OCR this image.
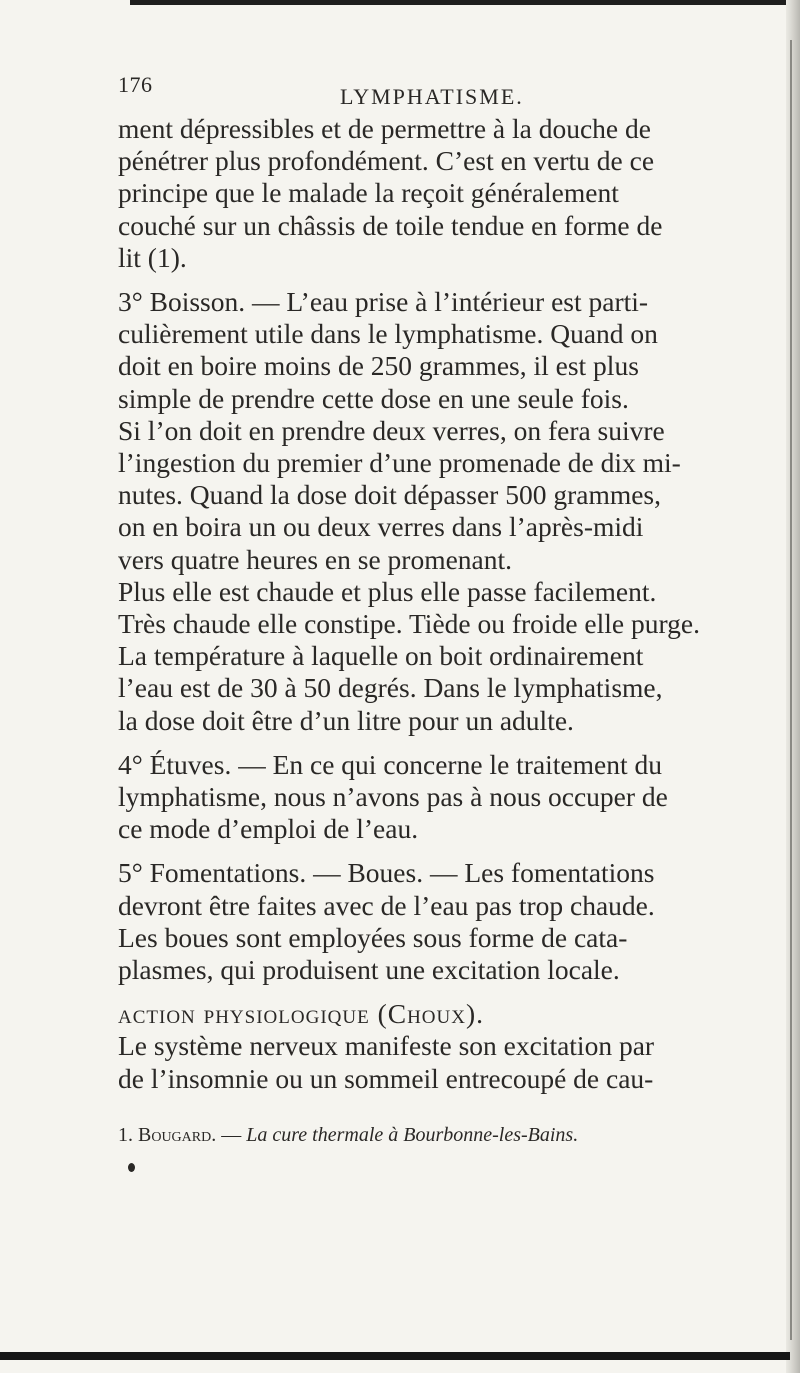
176	LYMPHATISME.
ment dépressibles et de permettre à la douche de
pénétrer plus profondément. C’est en vertu de ce
principe que le malade la reçoit généralement
couché sur un châssis de toile tendue en forme de
lit (1).
3° Boisson. — L’eau prise à l’intérieur est parti-
culièrement utile dans le lymphatisme. Quand on
doit en boire moins de 250 grammes, il est plus
simple de prendre cette dose en une seule fois.
Si l’on doit en prendre deux verres, on fera suivre
l’ingestion du premier d’une promenade de dix mi-
nutes. Quand la dose doit dépasser 500 grammes,
on en boira un ou deux verres dans l’après-midi
vers quatre heures en se promenant.
Plus elle est chaude et plus elle passe facilement.
Très chaude elle constipe. Tiède ou froide elle purge.
La température à laquelle on boit ordinairement
l’eau est de 30 à 50 degrés. Dans le lymphatisme,
la dose doit être d’un litre pour un adulte.
4° Étuves. — En ce qui concerne le traitement du
lymphatisme, nous n’avons pas à nous occuper de
ce mode d’emploi de l’eau.
5° Fomentations. — Boues. — Les fomentations
devront être faites avec de l’eau pas trop chaude.
Les boues sont employées sous forme de cata-
plasmes, qui produisent une excitation locale.
action physiologique (Choux).
Le système nerveux manifeste son excitation par
de l’insomnie ou un sommeil entrecoupé de cau-
1. Bougard. — La cure thermale à Bourbonne-les-Bains.
